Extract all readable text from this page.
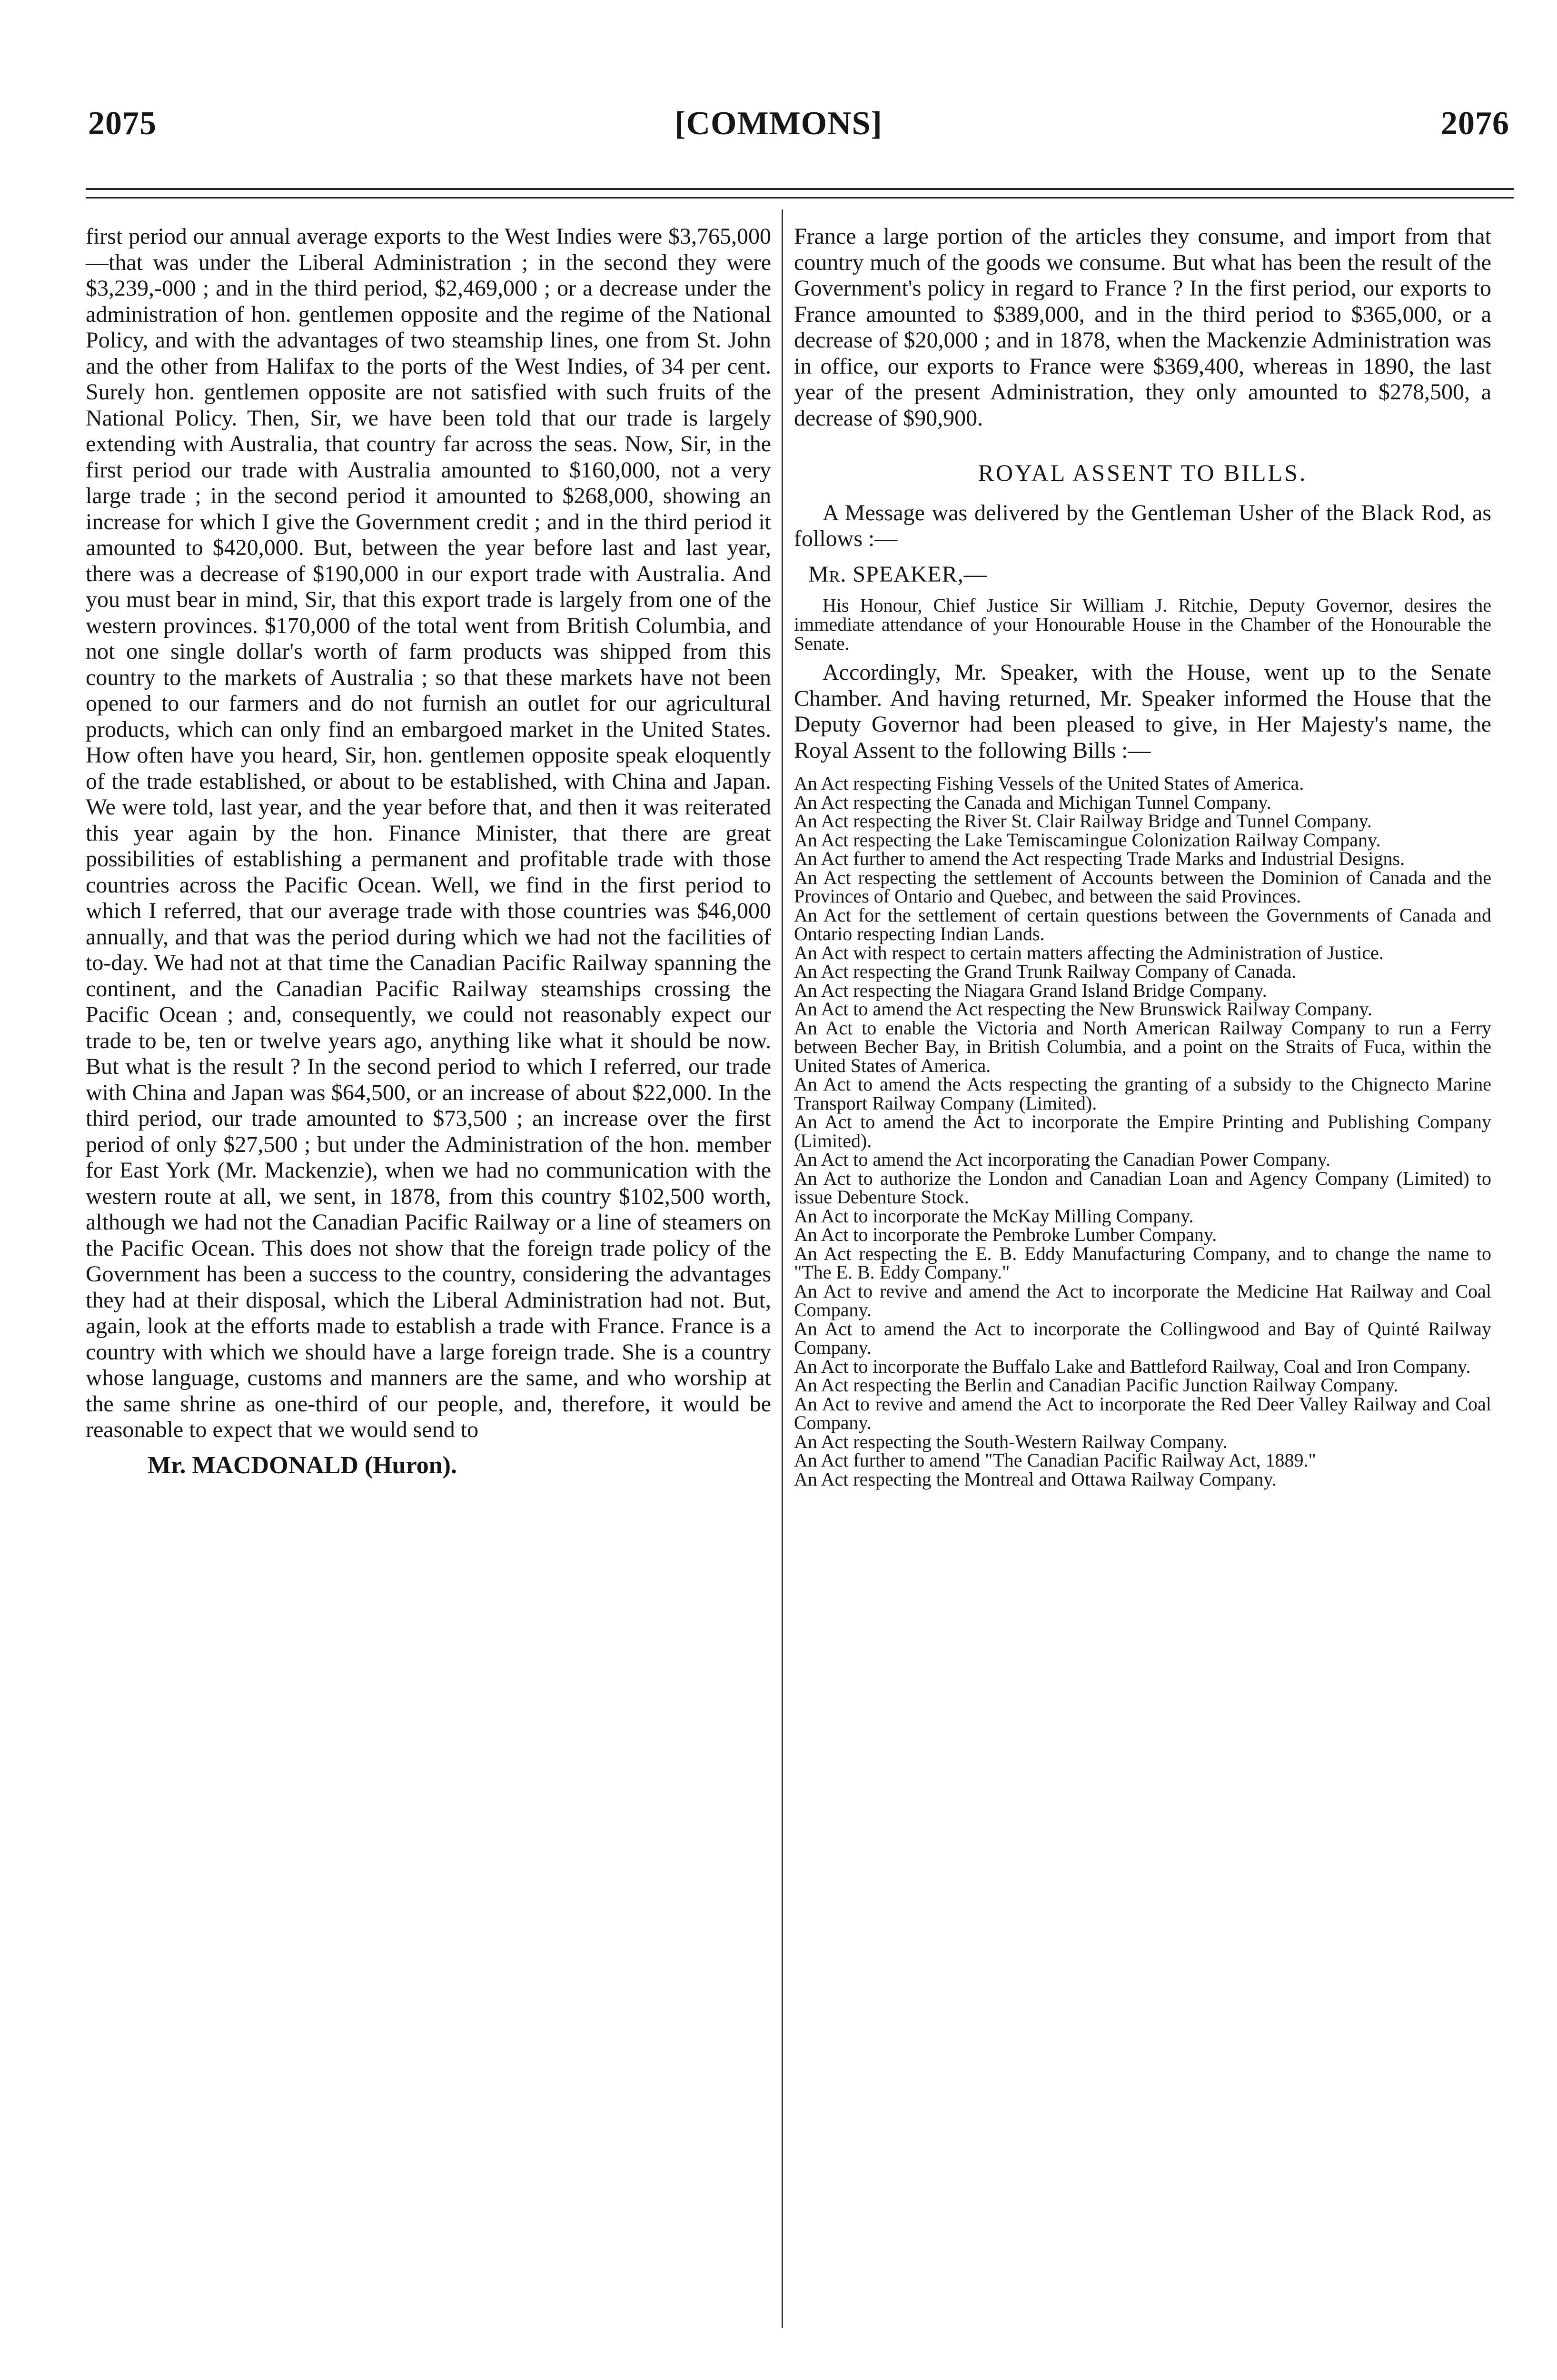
2075	[COMMONS]	2076

first period our annual average exports to the West Indies were $3,765,000—that was under the Liberal Administration ; in the second they were $3,239,-000 ; and in the third period, $2,469,000 ; or a decrease under the administration of hon. gentlemen opposite and the regime of the National Policy, and with the advantages of two steamship lines, one from St. John and the other from Halifax to the ports of the West Indies, of 34 per cent. Surely hon. gentlemen opposite are not satisfied with such fruits of the National Policy. Then, Sir, we have been told that our trade is largely extending with Australia, that country far across the seas. Now, Sir, in the first period our trade with Australia amounted to $160,000, not a very large trade ; in the second period it amounted to $268,000, showing an increase for which I give the Government credit ; and in the third period it amounted to $420,000. But, between the year before last and last year, there was a decrease of $190,000 in our export trade with Australia. And you must bear in mind, Sir, that this export trade is largely from one of the western provinces. $170,000 of the total went from British Columbia, and not one single dollar's worth of farm products was shipped from this country to the markets of Australia ; so that these markets have not been opened to our farmers and do not furnish an outlet for our agricultural products, which can only find an embargoed market in the United States. How often have you heard, Sir, hon. gentlemen opposite speak eloquently of the trade established, or about to be established, with China and Japan. We were told, last year, and the year before that, and then it was reiterated this year again by the hon. Finance Minister, that there are great possibilities of establishing a permanent and profitable trade with those countries across the Pacific Ocean. Well, we find in the first period to which I referred, that our average trade with those countries was $46,000 annually, and that was the period during which we had not the facilities of to-day. We had not at that time the Canadian Pacific Railway spanning the continent, and the Canadian Pacific Railway steamships crossing the Pacific Ocean ; and, consequently, we could not reasonably expect our trade to be, ten or twelve years ago, anything like what it should be now. But what is the result ? In the second period to which I referred, our trade with China and Japan was $64,500, or an increase of about $22,000. In the third period, our trade amounted to $73,500 ; an increase over the first period of only $27,500 ; but under the Administration of the hon. member for East York (Mr. Mackenzie), when we had no communication with the western route at all, we sent, in 1878, from this country $102,500 worth, although we had not the Canadian Pacific Railway or a line of steamers on the Pacific Ocean. This does not show that the foreign trade policy of the Government has been a success to the country, considering the advantages they had at their disposal, which the Liberal Administration had not. But, again, look at the efforts made to establish a trade with France. France is a country with which we should have a large foreign trade. She is a country whose language, customs and manners are the same, and who worship at the same shrine as one-third of our people, and, therefore, it would be reasonable to expect that we would send to

Mr. MACDONALD (Huron).

France a large portion of the articles they consume, and import from that country much of the goods we consume. But what has been the result of the Government's policy in regard to France ? In the first period, our exports to France amounted to $389,000, and in the third period to $365,000, or a decrease of $20,000 ; and in 1878, when the Mackenzie Administration was in office, our exports to France were $369,400, whereas in 1890, the last year of the present Administration, they only amounted to $278,500, a decrease of $90,900.

ROYAL ASSENT TO BILLS.

A Message was delivered by the Gentleman Usher of the Black Rod, as follows :—

Mr. SPEAKER,—

His Honour, Chief Justice Sir William J. Ritchie, Deputy Governor, desires the immediate attendance of your Honourable House in the Chamber of the Honourable the Senate.

Accordingly, Mr. Speaker, with the House, went up to the Senate Chamber. And having returned, Mr. Speaker informed the House that the Deputy Governor had been pleased to give, in Her Majesty's name, the Royal Assent to the following Bills :—

An Act respecting Fishing Vessels of the United States of America.

An Act respecting the Canada and Michigan Tunnel Company.

An Act respecting the River St. Clair Railway Bridge and Tunnel Company.

An Act respecting the Lake Temiscamingue Colonization Railway Company.

An Act further to amend the Act respecting Trade Marks and Industrial Designs.

An Act respecting the settlement of Accounts between the Dominion of Canada and the Provinces of Ontario and Quebec, and between the said Provinces.

An Act for the settlement of certain questions between the Governments of Canada and Ontario respecting Indian Lands.

An Act with respect to certain matters affecting the Administration of Justice.

An Act respecting the Grand Trunk Railway Company of Canada.

An Act respecting the Niagara Grand Island Bridge Company.

An Act to amend the Act respecting the New Brunswick Railway Company.

An Act to enable the Victoria and North American Railway Company to run a Ferry between Becher Bay, in British Columbia, and a point on the Straits of Fuca, within the United States of America.

An Act to amend the Acts respecting the granting of a subsidy to the Chignecto Marine Transport Railway Company (Limited).

An Act to amend the Act to incorporate the Empire Printing and Publishing Company (Limited).

An Act to amend the Act incorporating the Canadian Power Company.

An Act to authorize the London and Canadian Loan and Agency Company (Limited) to issue Debenture Stock.

An Act to incorporate the McKay Milling Company.

An Act to incorporate the Pembroke Lumber Company.

An Act respecting the E. B. Eddy Manufacturing Company, and to change the name to "The E. B. Eddy Company."

An Act to revive and amend the Act to incorporate the Medicine Hat Railway and Coal Company.

An Act to amend the Act to incorporate the Collingwood and Bay of Quinté Railway Company.

An Act to incorporate the Buffalo Lake and Battleford Railway, Coal and Iron Company.

An Act respecting the Berlin and Canadian Pacific Junction Railway Company.

An Act to revive and amend the Act to incorporate the Red Deer Valley Railway and Coal Company.

An Act respecting the South-Western Railway Company.

An Act further to amend "The Canadian Pacific Railway Act, 1889."

An Act respecting the Montreal and Ottawa Railway Company.
